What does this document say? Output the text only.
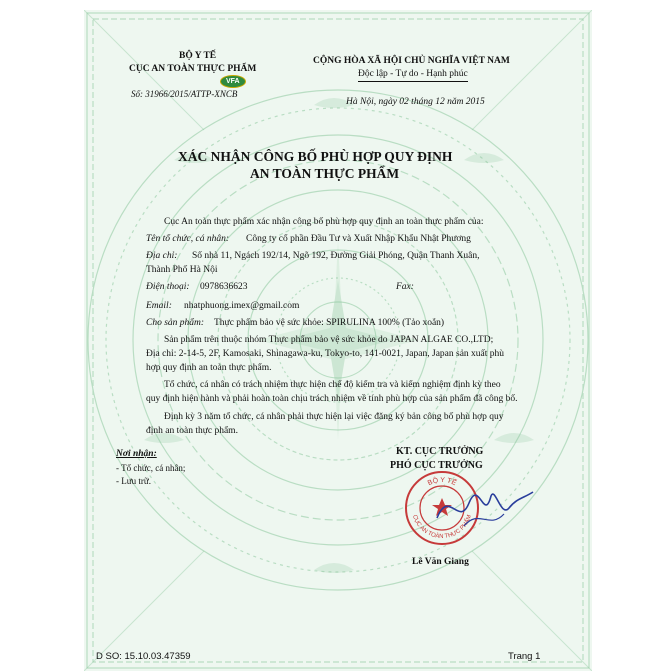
BỘ Y TẾ
CỤC AN TOÀN THỰC PHẨM
VFA
Số: 31966/2015/ATTP-XNCB
CỘNG HÒA XÃ HỘI CHỦ NGHĨA VIỆT NAM
Độc lập - Tự do - Hạnh phúc
Hà Nội, ngày 02 tháng 12 năm 2015
XÁC NHẬN CÔNG BỐ PHÙ HỢP QUY ĐỊNH
AN TOÀN THỰC PHẨM
Cục An toàn thực phẩm xác nhận công bố phù hợp quy định an toàn thực phẩm của:
Tên tổ chức, cá nhân: Công ty cổ phần Đầu Tư và Xuất Nhập Khẩu Nhật Phương
Địa chỉ: Số nhà 11, Ngách 192/14, Ngõ 192, Đường Giải Phóng, Quận Thanh Xuân,
Thành Phố Hà Nội
Điện thoại: 0978636623	Fax:
Email: nhatphuong.imex@gmail.com
Cho sản phẩm: Thực phẩm bảo vệ sức khỏe: SPIRULINA 100% (Tảo xoắn)
Sản phẩm trên thuộc nhóm Thực phẩm bảo vệ sức khỏe do JAPAN ALGAE CO.,LTD;
Địa chỉ: 2-14-5, 2F, Kamosaki, Shinagawa-ku, Tokyo-to, 141-0021, Japan, Japan sản xuất phù
hợp quy định an toàn thực phẩm.
Tổ chức, cá nhân có trách nhiệm thực hiện chế độ kiểm tra và kiểm nghiệm định kỳ theo
quy định hiện hành và phải hoàn toàn chịu trách nhiệm về tính phù hợp của sản phẩm đã công bố.
Định kỳ 3 năm tổ chức, cá nhân phải thực hiện lại việc đăng ký bản công bố phù hợp quy
định an toàn thực phẩm.
Nơi nhận:
- Tổ chức, cá nhân;
- Lưu trữ.
KT. CỤC TRƯỞNG
PHÓ CỤC TRƯỞNG
BỘ Y TẾ
CỤC AN TOÀN THỰC PHẨM
Lê Văn Giang
D SO: 15.10.03.47359	Trang 1
